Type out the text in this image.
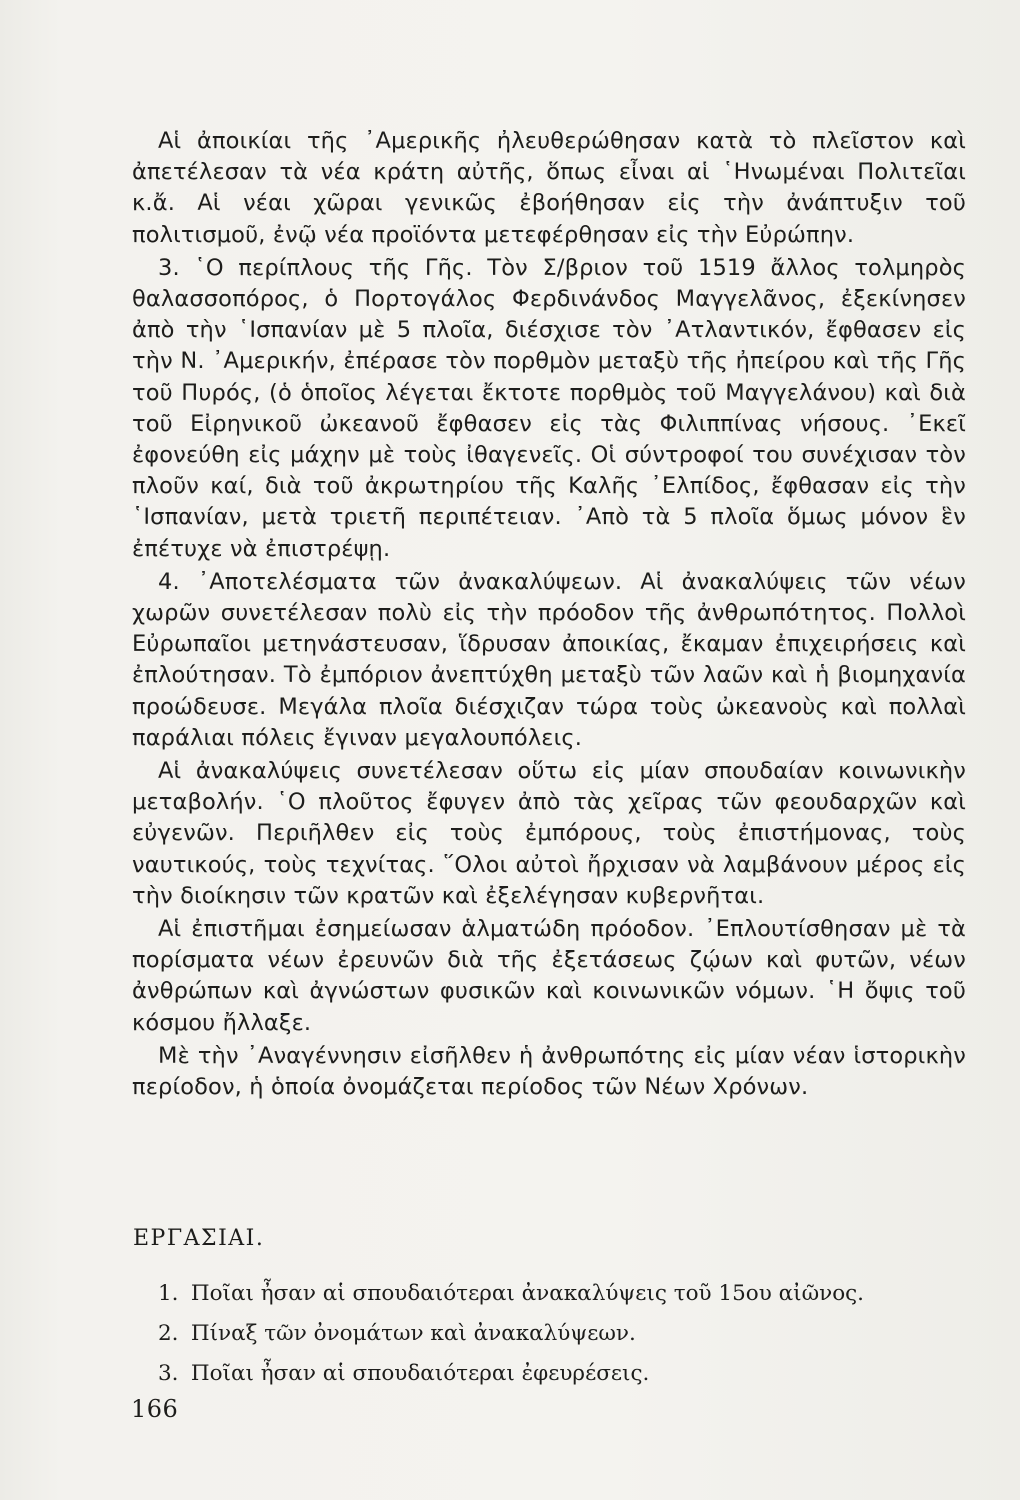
Αἱ ἀποικίαι τῆς ᾿Αμερικῆς ἠλευθερώθησαν κατὰ τὸ πλεῖστον καὶ ἀπετέλεσαν τὰ νέα κράτη αὐτῆς, ὅπως εἶναι αἱ ῾Ηνωμέναι Πολιτεῖαι κ.ἄ. Αἱ νέαι χῶραι γενικῶς ἐβοήθησαν εἰς τὴν ἀνάπτυξιν τοῦ πολιτισμοῦ, ἐνῷ νέα προϊόντα μετεφέρθησαν εἰς τὴν Εὐρώπην.

3. ῾Ο περίπλους τῆς Γῆς. Τὸν Σ/βριον τοῦ 1519 ἄλλος τολμηρὸς θαλασσοπόρος, ὁ Πορτογάλος Φερδινάνδος Μαγγελᾶνος, ἐξεκίνησεν ἀπὸ τὴν ῾Ισπανίαν μὲ 5 πλοῖα, διέσχισε τὸν ᾿Ατλαντικόν, ἔφθασεν εἰς τὴν Ν. ᾿Αμερικήν, ἐπέρασε τὸν πορθμὸν μεταξὺ τῆς ἠπείρου καὶ τῆς Γῆς τοῦ Πυρός, (ὁ ὁποῖος λέγεται ἔκτοτε πορθμὸς τοῦ Μαγγελάνου) καὶ διὰ τοῦ Εἰρηνικοῦ ὠκεανοῦ ἔφθασεν εἰς τὰς Φιλιππίνας νήσους. ᾿Εκεῖ ἐφονεύθη εἰς μάχην μὲ τοὺς ἰθαγενεῖς. Οἱ σύντροφοί του συνέχισαν τὸν πλοῦν καί, διὰ τοῦ ἀκρωτηρίου τῆς Καλῆς ᾿Ελπίδος, ἔφθασαν εἰς τὴν ῾Ισπανίαν, μετὰ τριετῆ περιπέτειαν. ᾿Απὸ τὰ 5 πλοῖα ὅμως μόνον ἓν ἐπέτυχε νὰ ἐπιστρέψῃ.

4. ᾿Αποτελέσματα τῶν ἀνακαλύψεων. Αἱ ἀνακαλύψεις τῶν νέων χωρῶν συνετέλεσαν πολὺ εἰς τὴν πρόοδον τῆς ἀνθρωπότητος. Πολλοὶ Εὐρωπαῖοι μετηνάστευσαν, ἵδρυσαν ἀποικίας, ἔκαμαν ἐπιχειρήσεις καὶ ἐπλούτησαν. Τὸ ἐμπόριον ἀνεπτύχθη μεταξὺ τῶν λαῶν καὶ ἡ βιομηχανία προώδευσε. Μεγάλα πλοῖα διέσχιζαν τώρα τοὺς ὠκεανοὺς καὶ πολλαὶ παράλιαι πόλεις ἔγιναν μεγαλουπόλεις.

Αἱ ἀνακαλύψεις συνετέλεσαν οὕτω εἰς μίαν σπουδαίαν κοινωνικὴν μεταβολήν. ῾Ο πλοῦτος ἔφυγεν ἀπὸ τὰς χεῖρας τῶν φεουδαρχῶν καὶ εὐγενῶν. Περιῆλθεν εἰς τοὺς ἐμπόρους, τοὺς ἐπιστήμονας, τοὺς ναυτικούς, τοὺς τεχνίτας. ῞Ολοι αὐτοὶ ἤρχισαν νὰ λαμβάνουν μέρος εἰς τὴν διοίκησιν τῶν κρατῶν καὶ ἐξελέγησαν κυβερνῆται.

Αἱ ἐπιστῆμαι ἐσημείωσαν ἁλματώδη πρόοδον. ᾿Επλουτίσθησαν μὲ τὰ πορίσματα νέων ἐρευνῶν διὰ τῆς ἐξετάσεως ζῴων καὶ φυτῶν, νέων ἀνθρώπων καὶ ἀγνώστων φυσικῶν καὶ κοινωνικῶν νόμων. ῾Η ὄψις τοῦ κόσμου ἤλλαξε.

Μὲ τὴν ᾿Αναγέννησιν εἰσῆλθεν ἡ ἀνθρωπότης εἰς μίαν νέαν ἱστορικὴν περίοδον, ἡ ὁποία ὀνομάζεται περίοδος τῶν Νέων Χρόνων.

ΕΡΓΑΣΙΑΙ.
1. Ποῖαι ἦσαν αἱ σπουδαιότεραι ἀνακαλύψεις τοῦ 15ου αἰῶνος.
2. Πίναξ τῶν ὀνομάτων καὶ ἀνακαλύψεων.
3. Ποῖαι ἦσαν αἱ σπουδαιότεραι ἐφευρέσεις.
166
